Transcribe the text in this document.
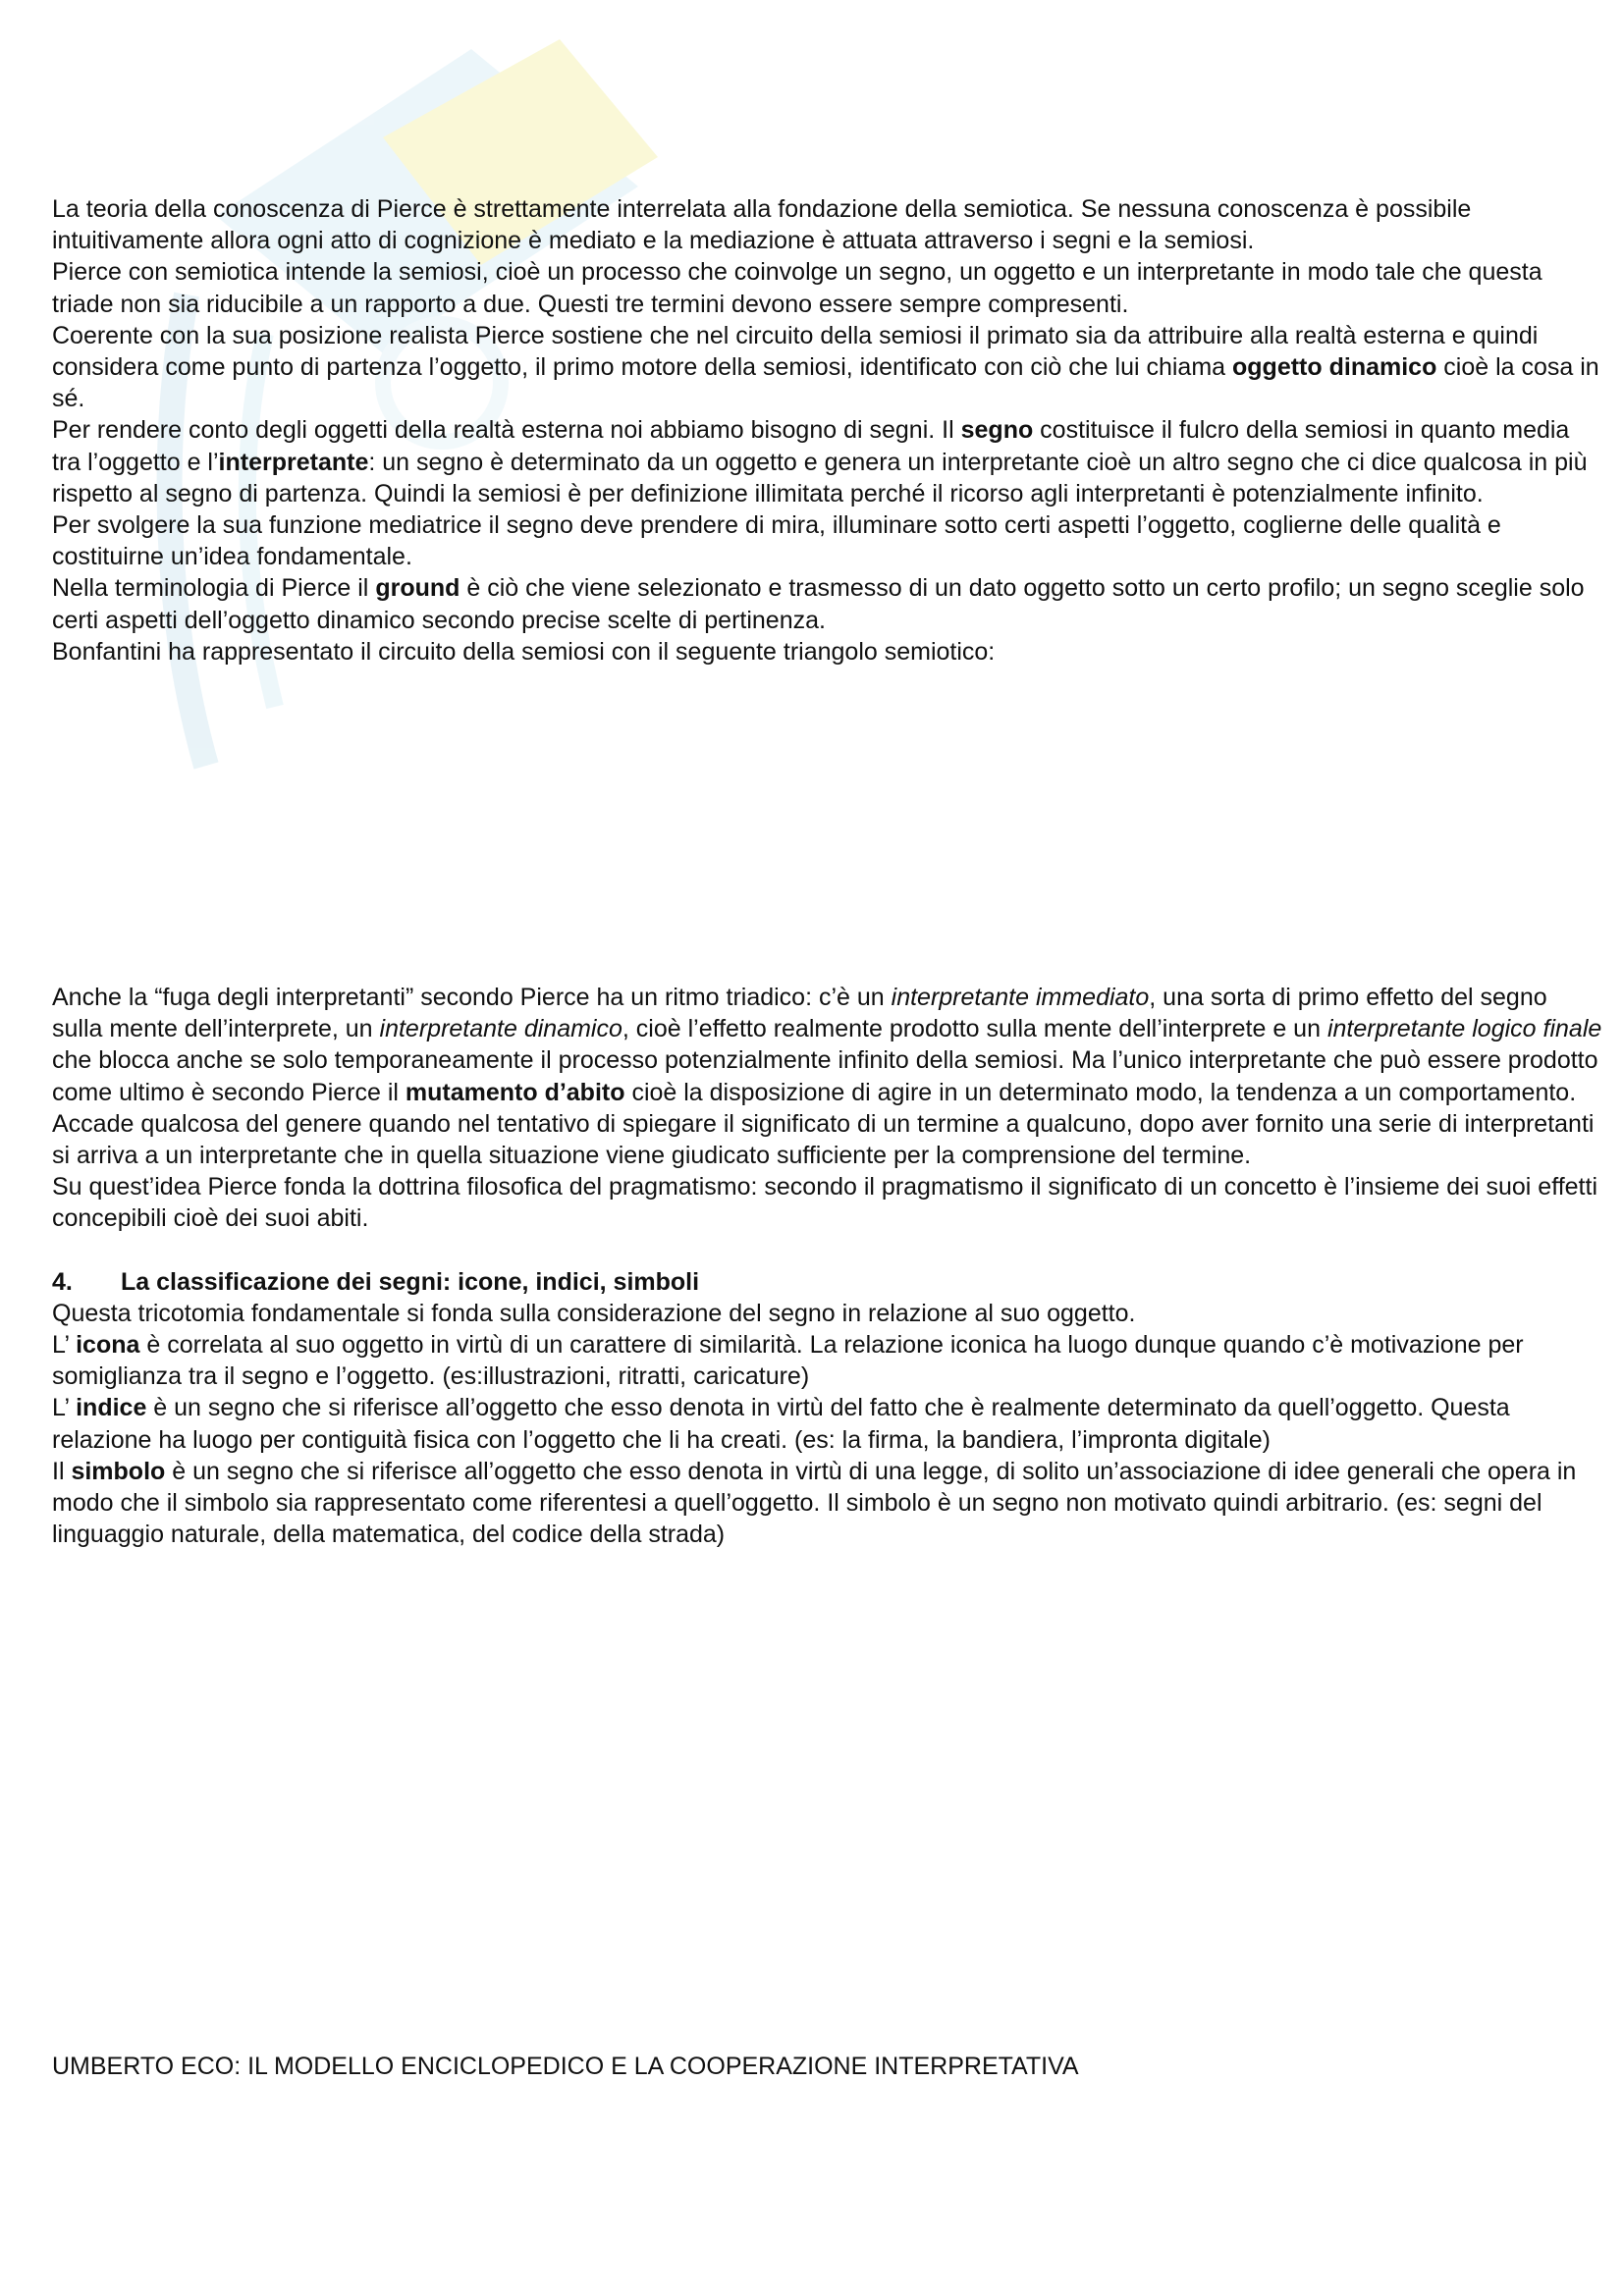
La teoria della conoscenza di Pierce è strettamente interrelata alla fondazione della semiotica. Se nessuna conoscenza è possibile intuitivamente allora ogni atto di cognizione è mediato e la mediazione è attuata attraverso i segni e la semiosi.

Pierce con semiotica intende la semiosi, cioè un processo che coinvolge un segno, un oggetto e un interpretante in modo tale che questa triade non sia riducibile a un rapporto a due. Questi tre termini devono essere sempre compresenti.

Coerente con la sua posizione realista Pierce sostiene che nel circuito della semiosi il primato sia da attribuire alla realtà esterna e quindi considera come punto di partenza l’oggetto, il primo motore della semiosi, identificato con ciò che lui chiama oggetto dinamico cioè la cosa in sé.

Per rendere conto degli oggetti della realtà esterna noi abbiamo bisogno di segni. Il segno costituisce il fulcro della semiosi in quanto media tra l’oggetto e l’interpretante: un segno è determinato da un oggetto e genera un interpretante cioè un altro segno che ci dice qualcosa in più rispetto al segno di partenza. Quindi la semiosi è per definizione illimitata perché il ricorso agli interpretanti è potenzialmente infinito.

Per svolgere la sua funzione mediatrice il segno deve prendere di mira, illuminare sotto certi aspetti l’oggetto, coglierne delle qualità e costituirne un’idea fondamentale.

Nella terminologia di Pierce il ground è ciò che viene selezionato e trasmesso di un dato oggetto sotto un certo profilo; un segno sceglie solo certi aspetti dell’oggetto dinamico secondo precise scelte di pertinenza.

Bonfantini ha rappresentato il circuito della semiosi con il seguente triangolo semiotico:

Anche la “fuga degli interpretanti” secondo Pierce ha un ritmo triadico: c’è un interpretante immediato, una sorta di primo effetto del segno sulla mente dell’interprete, un interpretante dinamico, cioè l’effetto realmente prodotto sulla mente dell’interprete e un interpretante logico finale che blocca anche se solo temporaneamente il processo potenzialmente infinito della semiosi. Ma l’unico interpretante che può essere prodotto come ultimo è secondo Pierce il mutamento d’abito cioè la disposizione di agire in un determinato modo, la tendenza a un comportamento. Accade qualcosa del genere quando nel tentativo di spiegare il significato di un termine a qualcuno, dopo aver fornito una serie di interpretanti si arriva a un interpretante che in quella situazione viene giudicato sufficiente per la comprensione del termine.

Su quest’idea Pierce fonda la dottrina filosofica del pragmatismo: secondo il pragmatismo il significato di un concetto è l’insieme dei suoi effetti concepibili cioè dei suoi abiti.

4.	La classificazione dei segni: icone, indici, simboli

Questa tricotomia fondamentale si fonda sulla considerazione del segno in relazione al suo oggetto.

L’ icona è correlata al suo oggetto in virtù di un carattere di similarità. La relazione iconica ha luogo dunque quando c’è motivazione per somiglianza tra il segno e l’oggetto. (es:illustrazioni, ritratti, caricature)

L’ indice è un segno che si riferisce all’oggetto che esso denota in virtù del fatto che è realmente determinato da quell’oggetto. Questa relazione ha luogo per contiguità fisica con l’oggetto che li ha creati. (es: la firma, la bandiera, l’impronta digitale)

Il simbolo è un segno che si riferisce all’oggetto che esso denota in virtù di una legge, di solito un’associazione di idee generali che opera in modo che il simbolo sia rappresentato come riferentesi a quell’oggetto. Il simbolo è un segno non motivato quindi arbitrario. (es: segni del linguaggio naturale, della matematica, del codice della strada)

UMBERTO ECO: IL MODELLO ENCICLOPEDICO E LA COOPERAZIONE INTERPRETATIVA
